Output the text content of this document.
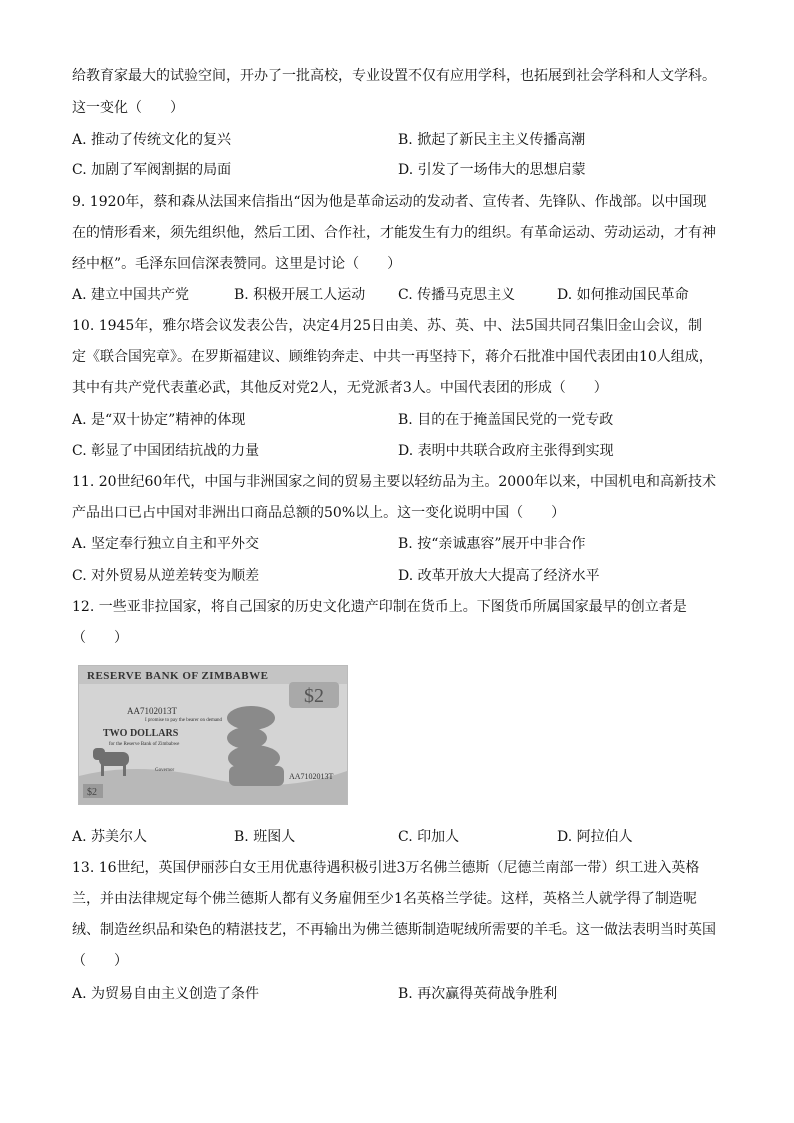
给教育家最大的试验空间，开办了一批高校，专业设置不仅有应用学科，也拓展到社会学科和人文学科。
这一变化（　　）
A. 推动了传统文化的复兴	B. 掀起了新民主主义传播高潮
C. 加剧了军阀割据的局面	D. 引发了一场伟大的思想启蒙
9. 1920年，蔡和森从法国来信指出“因为他是革命运动的发动者、宣传者、先锋队、作战部。以中国现
在的情形看来，须先组织他，然后工团、合作社，才能发生有力的组织。有革命运动、劳动运动，才有神
经中枢”。毛泽东回信深表赞同。这里是讨论（　　）
A. 建立中国共产党	B. 积极开展工人运动 C. 传播马克思主义	D. 如何推动国民革命
10. 1945年，雅尔塔会议发表公告，决定4月25日由美、苏、英、中、法5国共同召集旧金山会议，制
定《联合国宪章》。在罗斯福建议、顾维钧奔走、中共一再坚持下，蒋介石批准中国代表团由10人组成，
其中有共产党代表董必武，其他反对党2人，无党派者3人。中国代表团的形成（　　）
A. 是“双十协定”精神的体现	B. 目的在于掩盖国民党的一党专政
C. 彰显了中国团结抗战的力量	D. 表明中共联合政府主张得到实现
11. 20世纪60年代，中国与非洲国家之间的贸易主要以轻纺品为主。2000年以来，中国机电和高新技术
产品出口已占中国对非洲出口商品总额的50%以上。这一变化说明中国（　　）
A. 坚定奉行独立自主和平外交	B. 按“亲诚惠容”展开中非合作
C. 对外贸易从逆差转变为顺差	D. 改革开放大大提高了经济水平
12. 一些亚非拉国家，将自己国家的历史文化遗产印制在货币上。下图货币所属国家最早的创立者是
（　　）
$2
$2
RESERVE BANK OF ZIMBABWE
AA7102013T
I promise to pay the bearer on demand
TWO DOLLARS
for the Reserve Bank of Zimbabwe
Governor
AA7102013T
A. 苏美尔人	B. 班图人	C. 印加人	D. 阿拉伯人
13. 16世纪，英国伊丽莎白女王用优惠待遇积极引进3万名佛兰德斯（尼德兰南部一带）织工进入英格
兰，并由法律规定每个佛兰德斯人都有义务雇佣至少1名英格兰学徒。这样，英格兰人就学得了制造呢
绒、制造丝织品和染色的精湛技艺，不再输出为佛兰德斯制造呢绒所需要的羊毛。这一做法表明当时英国
（　　）
A. 为贸易自由主义创造了条件	B. 再次赢得英荷战争胜利
